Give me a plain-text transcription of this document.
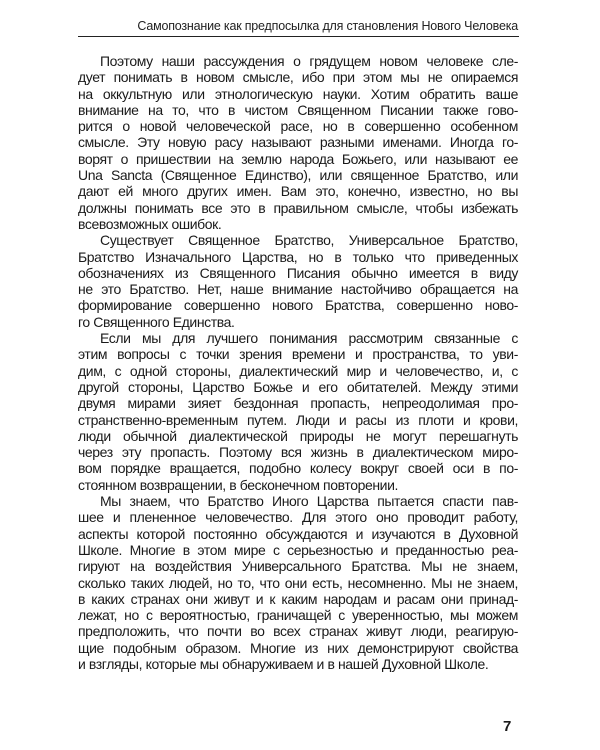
Самопознание как предпосылка для становления Нового Человека
Поэтому наши рассуждения о грядущем новом человеке сле-
дует понимать в новом смысле, ибо при этом мы не опираемся
на оккультную или этнологическую науки. Хотим обратить ваше
внимание на то, что в чистом Священном Писании также гово-
рится о новой человеческой расе, но в совершенно особенном
смысле. Эту новую расу называют разными именами. Иногда го-
ворят о пришествии на землю народа Божьего, или называют ее
Una Sancta (Священное Единство), или священное Братство, или
дают ей много других имен. Вам это, конечно, известно, но вы
должны понимать все это в правильном смысле, чтобы избежать
всевозможных ошибок.
Существует Священное Братство, Универсальное Братство,
Братство Изначального Царства, но в только что приведенных
обозначениях из Священного Писания обычно имеется в виду
не это Братство. Нет, наше внимание настойчиво обращается на
формирование совершенно нового Братства, совершенно ново-
го Священного Единства.
Если мы для лучшего понимания рассмотрим связанные с
этим вопросы с точки зрения времени и пространства, то уви-
дим, с одной стороны, диалектический мир и человечество, и, с
другой стороны, Царство Божье и его обитателей. Между этими
двумя мирами зияет бездонная пропасть, непреодолимая про-
странственно-временным путем. Люди и расы из плоти и крови,
люди обычной диалектической природы не могут перешагнуть
через эту пропасть. Поэтому вся жизнь в диалектическом миро-
вом порядке вращается, подобно колесу вокруг своей оси в по-
стоянном возвращении, в бесконечном повторении.
Мы знаем, что Братство Иного Царства пытается спасти пав-
шее и плененное человечество. Для этого оно проводит работу,
аспекты которой постоянно обсуждаются и изучаются в Духовной
Школе. Многие в этом мире с серьезностью и преданностью реа-
гируют на воздействия Универсального Братства. Мы не знаем,
сколько таких людей, но то, что они есть, несомненно. Мы не знаем,
в каких странах они живут и к каким народам и расам они принад-
лежат, но с вероятностью, граничащей с уверенностью, мы можем
предположить, что почти во всех странах живут люди, реагирую-
щие подобным образом. Многие из них демонстрируют свойства
и взгляды, которые мы обнаруживаем и в нашей Духовной Школе.
7
